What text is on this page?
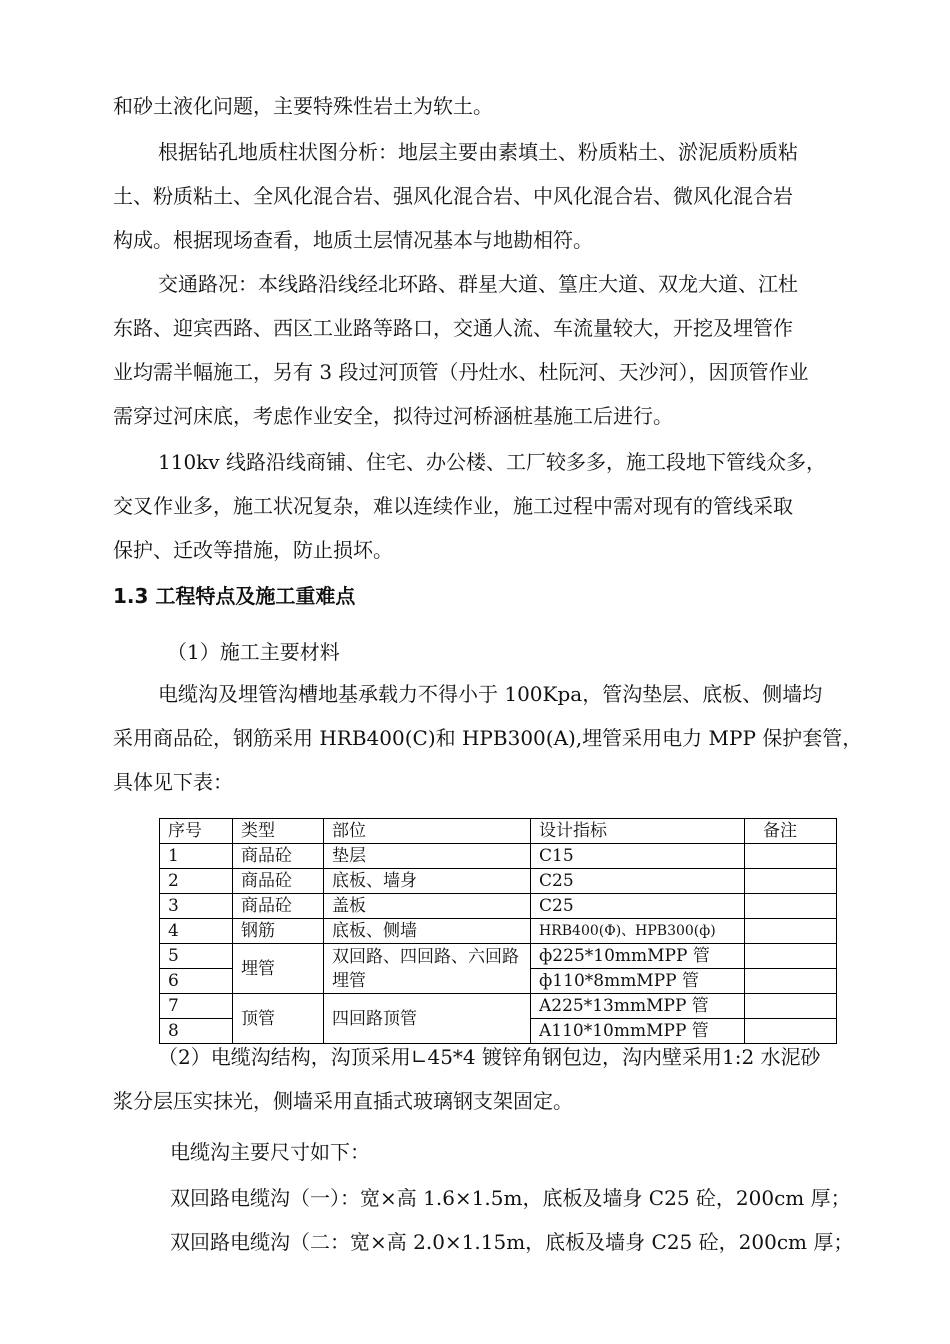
和砂土液化问题，主要特殊性岩土为软土。

根据钻孔地质柱状图分析：地层主要由素填土、粉质粘土、淤泥质粉质粘
土、粉质粘土、全风化混合岩、强风化混合岩、中风化混合岩、微风化混合岩
构成。根据现场查看，地质土层情况基本与地勘相符。

交通路况：本线路沿线经北环路、群星大道、篁庄大道、双龙大道、江杜
东路、迎宾西路、西区工业路等路口，交通人流、车流量较大，开挖及埋管作
业均需半幅施工，另有 3 段过河顶管（丹灶水、杜阮河、天沙河），因顶管作业
需穿过河床底，考虑作业安全，拟待过河桥涵桩基施工后进行。

110kv 线路沿线商铺、住宅、办公楼、工厂较多多，施工段地下管线众多，
交叉作业多，施工状况复杂，难以连续作业，施工过程中需对现有的管线采取
保护、迁改等措施，防止损坏。

1.3 工程特点及施工重难点

（1）施工主要材料

电缆沟及埋管沟槽地基承载力不得小于 100Kpa，管沟垫层、底板、侧墙均
采用商品砼，钢筋采用 HRB400(C)和 HPB300(A),埋管采用电力 MPP 保护套管，
具体见下表：

序号	类型	部位	设计指标	备注
1	商品砼	垫层	C15	
2	商品砼	底板、墙身	C25	
3	商品砼	盖板	C25	
4	钢筋	底板、侧墙	HRB400(Φ)、HPB300(ф)	
5	埋管	双回路、四回路、六回路埋管	ф225*10mmMPP 管	
6			ф110*8mmMPP 管	
7	顶管	四回路顶管	A225*13mmMPP 管	
8			A110*10mmMPP 管	

（2）电缆沟结构，沟顶采用∟45*4 镀锌角钢包边，沟内壁采用1:2 水泥砂
浆分层压实抹光，侧墙采用直插式玻璃钢支架固定。

电缆沟主要尺寸如下：

双回路电缆沟（一）：宽×高 1.6×1.5m，底板及墙身 C25 砼，200cm 厚；

双回路电缆沟（二：宽×高 2.0×1.15m，底板及墙身 C25 砼，200cm 厚；
